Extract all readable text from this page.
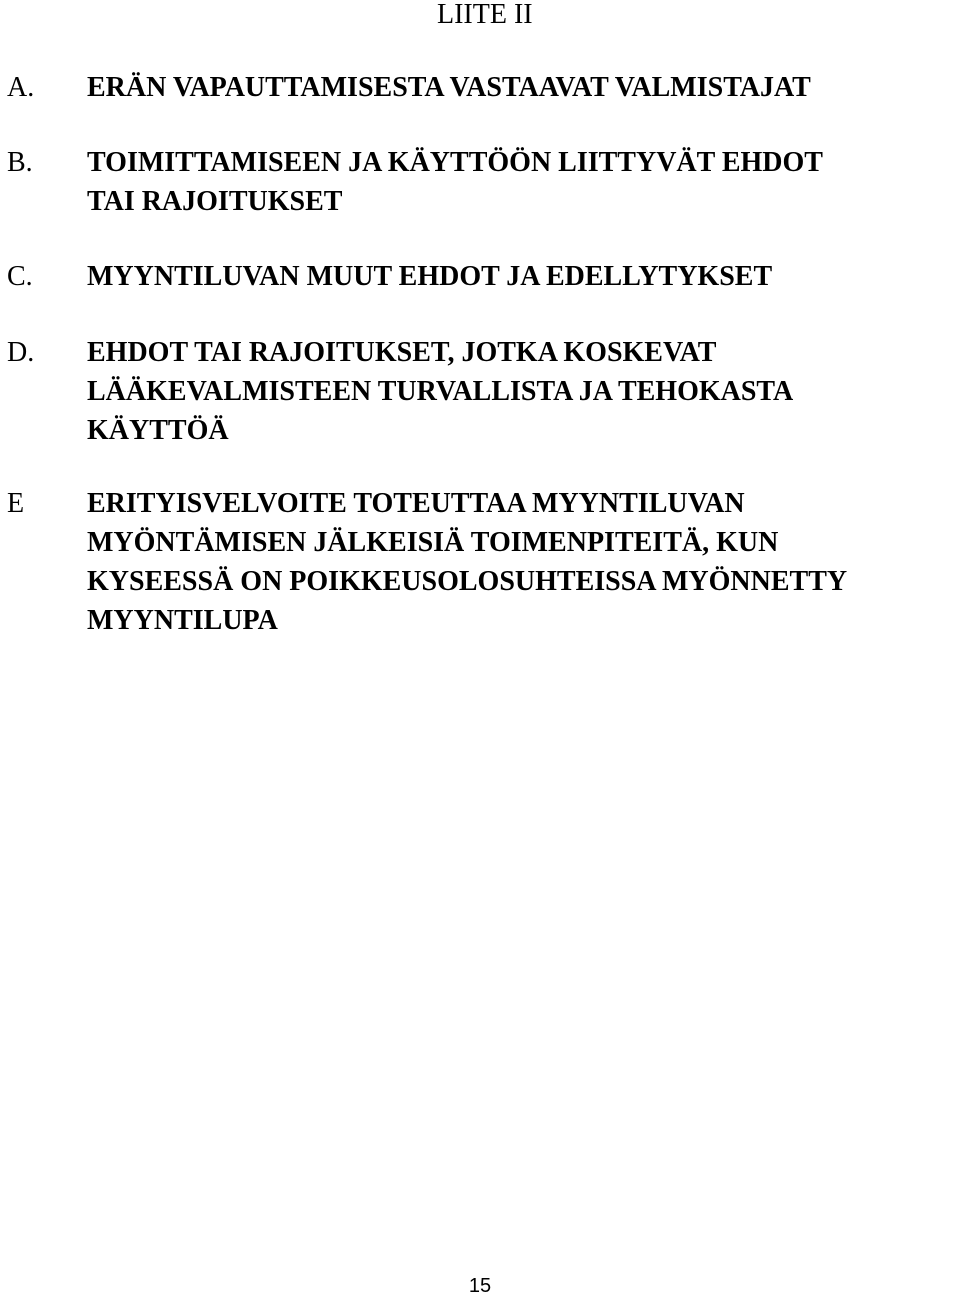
LIITE II
A. ERÄN VAPAUTTAMISESTA VASTAAVAT VALMISTAJAT
B. TOIMITTAMISEEN JA KÄYTTÖÖN LIITTYVÄT EHDOT
TAI RAJOITUKSET
C. MYYNTILUVAN MUUT EHDOT JA EDELLYTYKSET
D. EHDOT TAI RAJOITUKSET, JOTKA KOSKEVAT
LÄÄKEVALMISTEEN TURVALLISTA JA TEHOKASTA
KÄYTTÖÄ
E ERITYISVELVOITE TOTEUTTAA MYYNTILUVAN
MYÖNTÄMISEN JÄLKEISIÄ TOIMENPITEITÄ, KUN
KYSEESSÄ ON POIKKEUSOLOSUHTEISSA MYÖNNETTY
MYYNTILUPA
15
